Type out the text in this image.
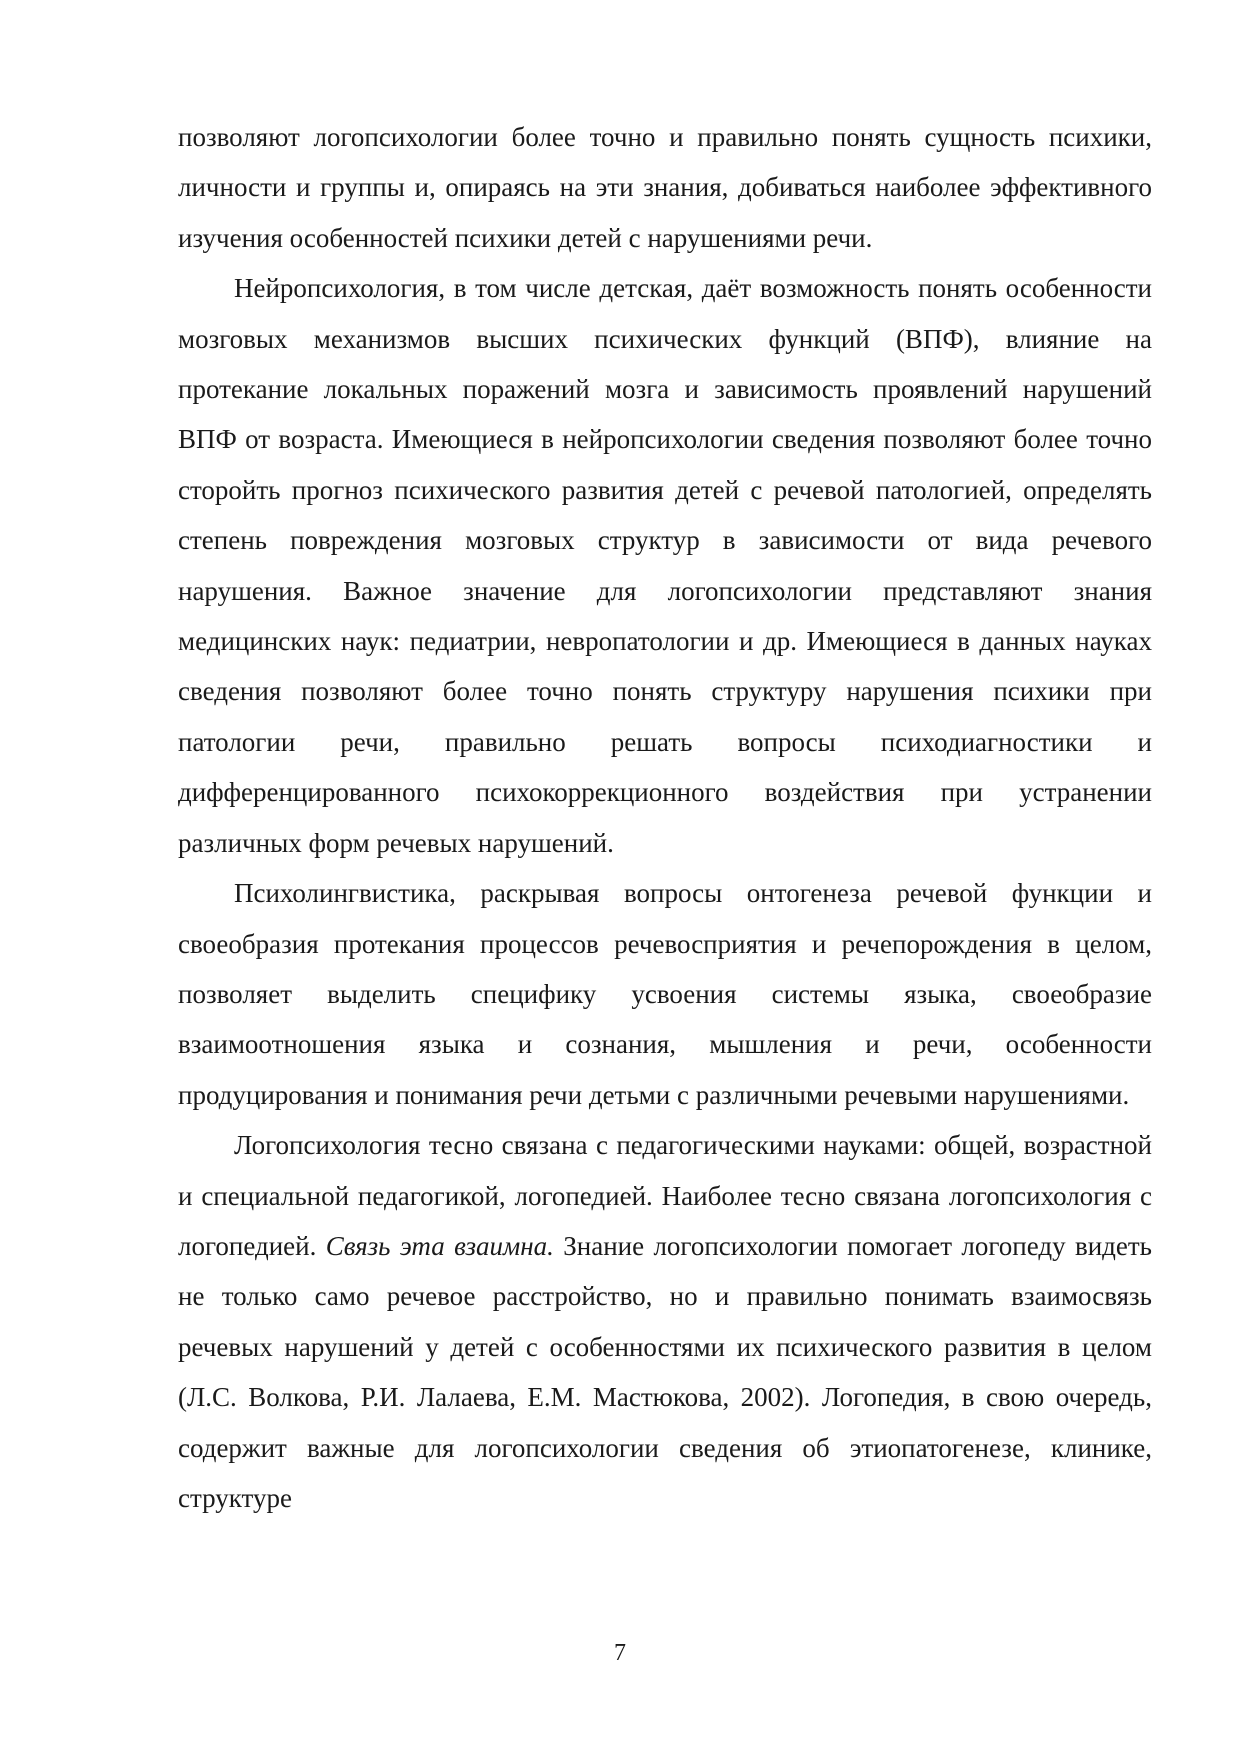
позволяют логопсихологии более точно и правильно понять сущность психики, личности и группы и, опираясь на эти знания, добиваться наиболее эффективного изучения особенностей психики детей с нарушениями речи.

Нейропсихология, в том числе детская, даёт возможность понять особенности мозговых механизмов высших психических функций (ВПФ), влияние на протекание локальных поражений мозга и зависимость проявлений нарушений ВПФ от возраста. Имеющиеся в нейропсихологии сведения позволяют более точно сторойть прогноз психического развития детей с речевой патологией, определять степень повреждения мозговых структур в зависимости от вида речевого нарушения. Важное значение для логопсихологии представляют знания медицинских наук: педиатрии, невропатологии и др. Имеющиеся в данных науках сведения позволяют более точно понять структуру нарушения психики при патологии речи, правильно решать вопросы психодиагностики и дифференцированного психокоррекционного воздействия при устранении различных форм речевых нарушений.

Психолингвистика, раскрывая вопросы онтогенеза речевой функции и своеобразия протекания процессов речевосприятия и речепорождения в целом, позволяет выделить специфику усвоения системы языка, своеобразие взаимоотношения языка и сознания, мышления и речи, особенности продуцирования и понимания речи детьми с различными речевыми нарушениями.

Логопсихология тесно связана с педагогическими науками: общей, возрастной и специальной педагогикой, логопедией. Наиболее тесно связана логопсихология с логопедией. Связь эта взаимна. Знание логопсихологии помогает логопеду видеть не только само речевое расстройство, но и правильно понимать взаимосвязь речевых нарушений у детей с особенностями их психического развития в целом (Л.С. Волкова, Р.И. Лалаева, Е.М. Мастюкова, 2002). Логопедия, в свою очередь, содержит важные для логопсихологии сведения об этиопатогенезе, клинике, структуре

7
